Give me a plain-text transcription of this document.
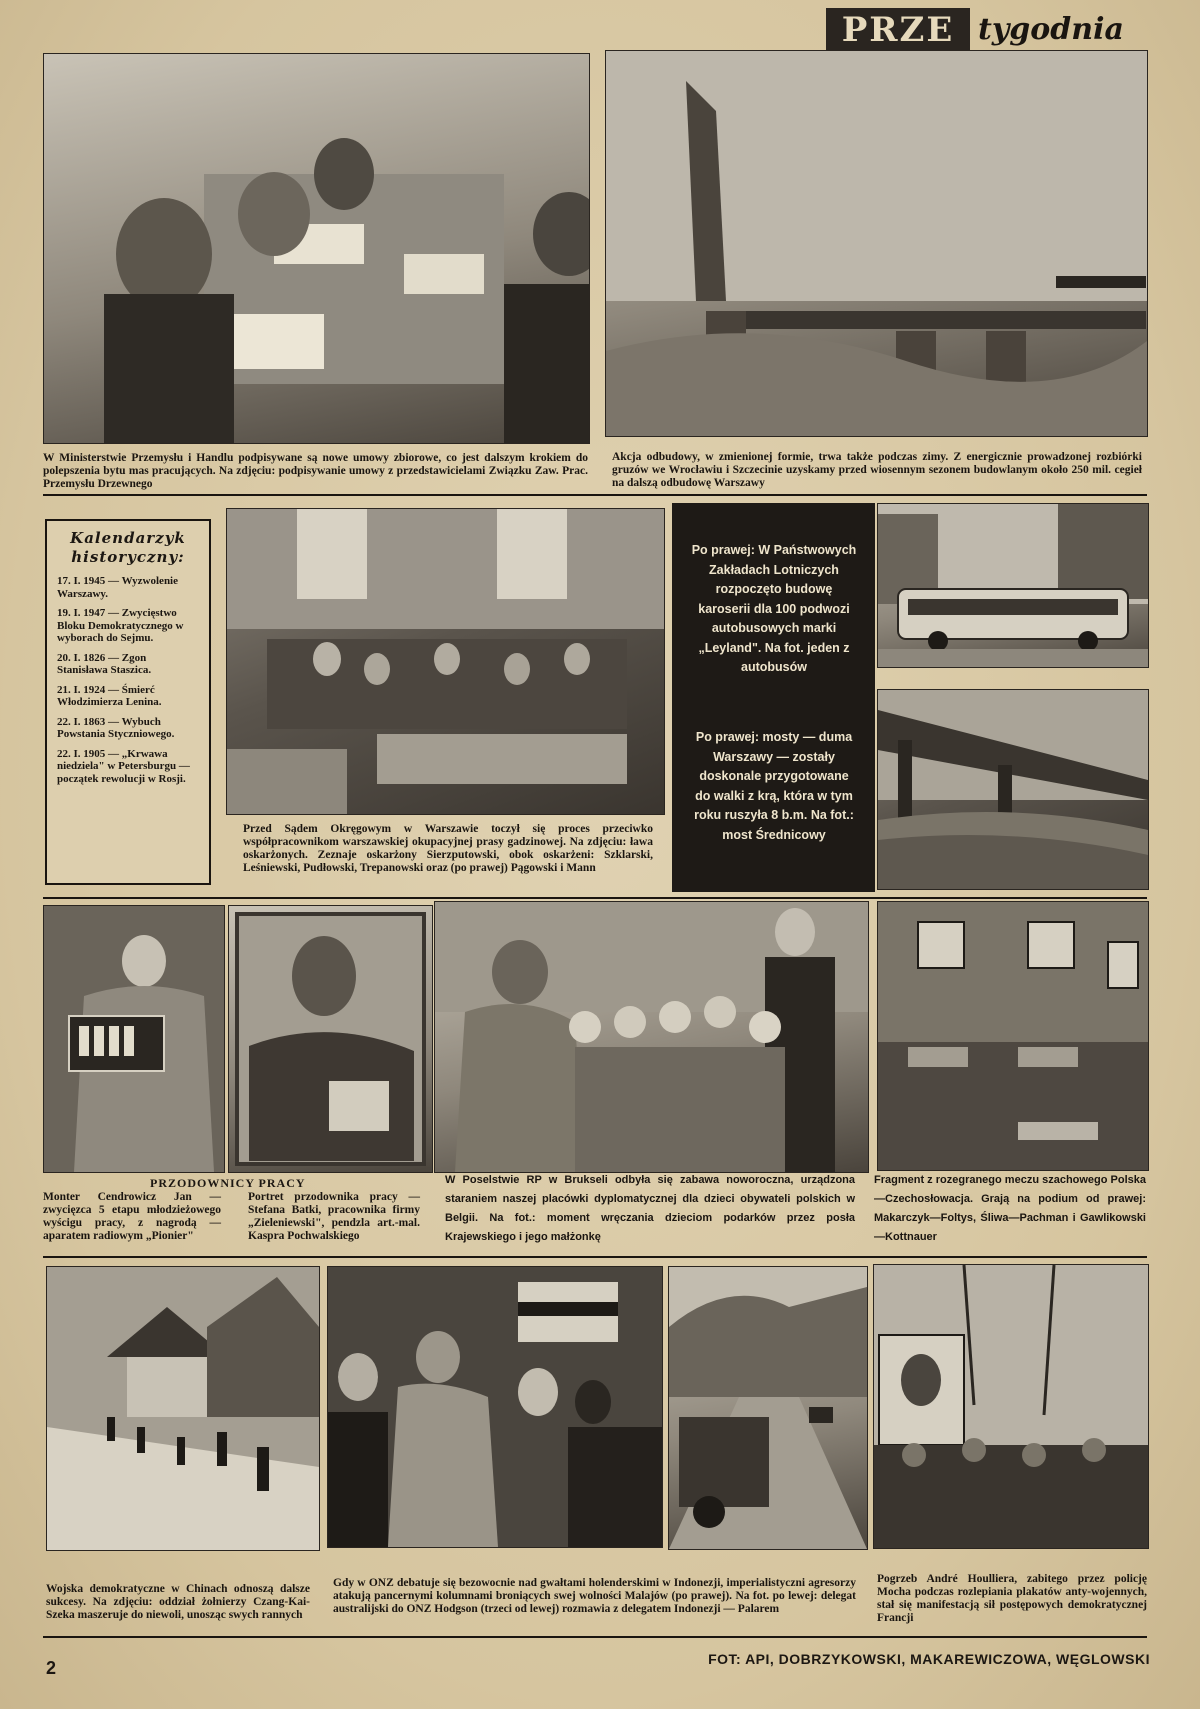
PRZE tygodnia

W Ministerstwie Przemysłu i Handlu podpisywane są nowe umowy zbiorowe, co jest dalszym krokiem do polepszenia bytu mas pracujących. Na zdjęciu: podpisywanie umowy z przedstawicielami Związku Zaw. Prac. Przemysłu Drzewnego

Akcja odbudowy, w zmienionej formie, trwa także podczas zimy. Z energicznie prowadzonej rozbiórki gruzów we Wrocławiu i Szczecinie uzyskamy przed wiosennym sezonem budowlanym około 250 mil. cegieł na dalszą odbudowę Warszawy

Kalendarzyk
historyczny:

17. I. 1945 — Wyzwolenie Warszawy.

19. I. 1947 — Zwycięstwo Bloku Demokratycznego w wyborach do Sejmu.

20. I. 1826 — Zgon Stanisława Staszica.

21. I. 1924 — Śmierć Włodzimierza Lenina.

22. I. 1863 — Wybuch Powstania Styczniowego.

22. I. 1905 — „Krwawa niedziela" w Petersburgu — początek rewolucji w Rosji.

Przed Sądem Okręgowym w Warszawie toczył się proces przeciwko współpracownikom warszawskiej okupacyjnej prasy gadzinowej. Na zdjęciu: ława oskarżonych. Zeznaje oskarżony Sierzputowski, obok oskarżeni: Szklarski, Leśniewski, Pudłowski, Trepanowski oraz (po prawej) Pągowski i Mann

Po prawej: W Państwowych Zakładach Lotniczych rozpoczęto budowę karoserii dla 100 podwozi autobusowych marki „Leyland". Na fot. jeden z autobusów

Po prawej: mosty — duma Warszawy — zostały doskonale przygotowane do walki z krą, która w tym roku ruszyła 8 b.m. Na fot.: most Średnicowy

PRZODOWNICY PRACY

Monter Cendrowicz Jan — zwycięzca 5 etapu młodzieżowego wyścigu pracy, z nagrodą — aparatem radiowym „Pionier"

Portret przodownika pracy — Stefana Batki, pracownika firmy „Zieleniewski", pendzla art.-mal. Kaspra Pochwalskiego

W Poselstwie RP w Brukseli odbyła się zabawa noworoczna, urządzona staraniem naszej placówki dyplomatycznej dla dzieci obywateli polskich w Belgii. Na fot.: moment wręczania dzieciom podarków przez posła Krajewskiego i jego małżonkę

Fragment z rozegranego meczu szachowego Polska—Czechosłowacja. Grają na podium od prawej: Makarczyk—Foltys, Śliwa—Pachman i Gawlikowski—Kottnauer

Wojska demokratyczne w Chinach odnoszą dalsze sukcesy. Na zdjęciu: oddział żołnierzy Czang-Kai-Szeka maszeruje do niewoli, unosząc swych rannych

Gdy w ONZ debatuje się bezowocnie nad gwałtami holenderskimi w Indonezji, imperialistyczni agresorzy atakują pancernymi kolumnami broniących swej wolności Malajów (po prawej). Na fot. po lewej: delegat australijski do ONZ Hodgson (trzeci od lewej) rozmawia z delegatem Indonezji — Palarem

Pogrzeb André Houlliera, zabitego przez policję Mocha podczas rozlepiania plakatów anty-wojennych, stał się manifestacją sił postępowych demokratycznej Francji

2	FOT: API, DOBRZYKOWSKI, MAKAREWICZOWA, WĘGLOWSKI
